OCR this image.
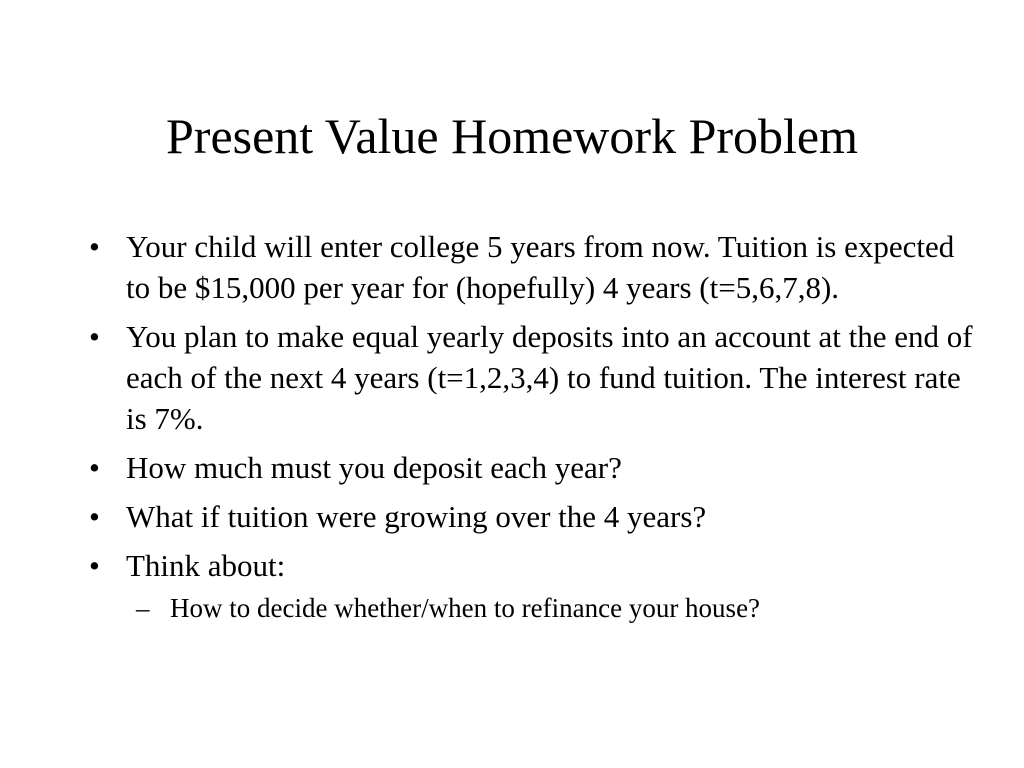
Present Value Homework Problem
• Your child will enter college 5 years from now. Tuition is expected to be $15,000 per year for (hopefully) 4 years (t=5,6,7,8).
• You plan to make equal yearly deposits into an account at the end of each of the next 4 years (t=1,2,3,4) to fund tuition. The interest rate is 7%.
• How much must you deposit each year?
• What if tuition were growing over the 4 years?
• Think about:
– How to decide whether/when to refinance your house?
